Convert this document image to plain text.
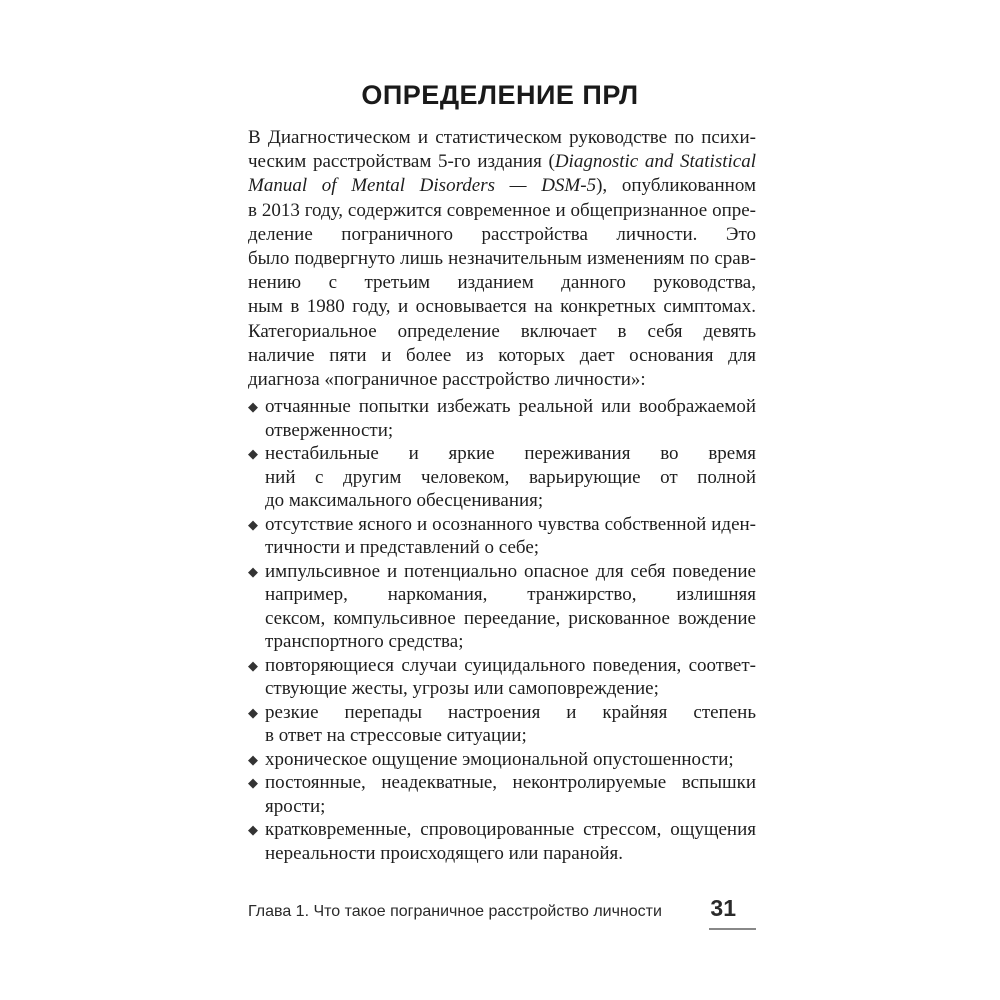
ОПРЕДЕЛЕНИЕ ПРЛ
В Диагностическом и статистическом руководстве по психи-
ческим расстройствам 5-го издания (Diagnostic and Statistical
Manual of Mental Disorders — DSM-5), опубликованном
в 2013 году, содержится современное и общепризнанное опре-
деление пограничного расстройства личности. Это
было подвергнуто лишь незначительным изменениям по срав-
нению с третьим изданием данного руководства,
ным в 1980 году, и основывается на конкретных симптомах.
Категориальное определение включает в себя девять
наличие пяти и более из которых дает основания для
диагноза «пограничное расстройство личности»:
◆ отчаянные попытки избежать реальной или воображаемой
отверженности;
◆ нестабильные и яркие переживания во время
ний с другим человеком, варьирующие от полной
до максимального обесценивания;
◆ отсутствие ясного и осознанного чувства собственной иден-
тичности и представлений о себе;
◆ импульсивное и потенциально опасное для себя поведение
например, наркомания, транжирство, излишняя
сексом, компульсивное переедание, рискованное вождение
транспортного средства;
◆ повторяющиеся случаи суицидального поведения, соответ-
ствующие жесты, угрозы или самоповреждение;
◆ резкие перепады настроения и крайняя степень
в ответ на стрессовые ситуации;
◆ хроническое ощущение эмоциональной опустошенности;
◆ постоянные, неадекватные, неконтролируемые вспышки
ярости;
◆ кратковременные, спровоцированные стрессом, ощущения
нереальности происходящего или паранойя.
Глава 1. Что такое пограничное расстройство личности 31
